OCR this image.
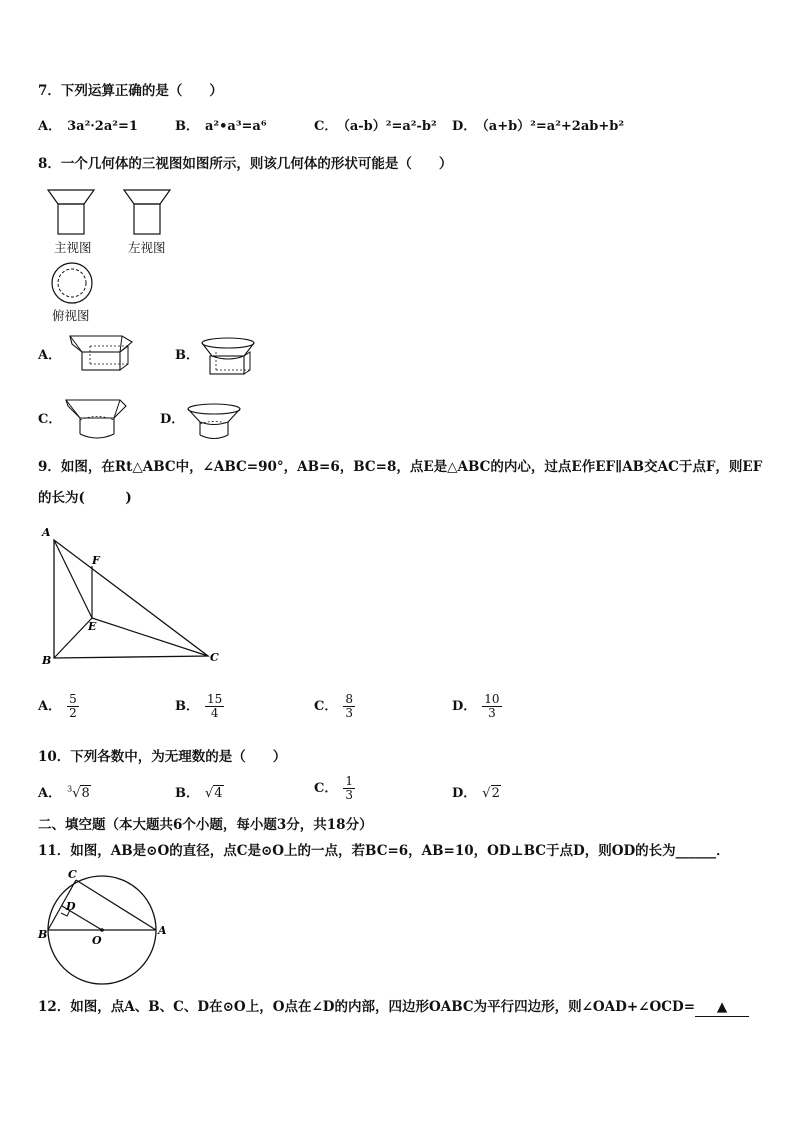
7．下列运算正确的是（　　）
A． 3a²·2a²=1	B． a²•a³=a⁶	C． （a-b）²=a²-b² D． （a+b）²=a²+2ab+b²
8．一个几何体的三视图如图所示，则该几何体的形状可能是（　　）
主视图	左视图
俯视图
A．	B．
C．	D．
9．如图，在Rt△ABC中，∠ABC=90°，AB=6，BC=8，点E是△ABC的内心，过点E作EF∥AB交AC于点F，则EF
的长为(　　　)
A
F
E
B	C
A． $\frac{5}{2}$	B． $\frac{15}{4}$	C． $\frac{8}{3}$	D． $\frac{10}{3}$
10．下列各数中，为无理数的是（　　）
A． $^3$√8	B． √4	C． $\frac{1}{3}$	D． √2
二、填空题（本大题共6个小题，每小题3分，共18分）
11．如图，AB是⊙O的直径，点C是⊙O上的一点，若BC=6，AB=10，OD⊥BC于点D，则OD的长为______．
C
D
B	O
A
12．如图，点A、B、C、D在⊙O上，O点在∠D的内部，四边形OABC为平行四边形，则∠OAD+∠OCD= ▲
